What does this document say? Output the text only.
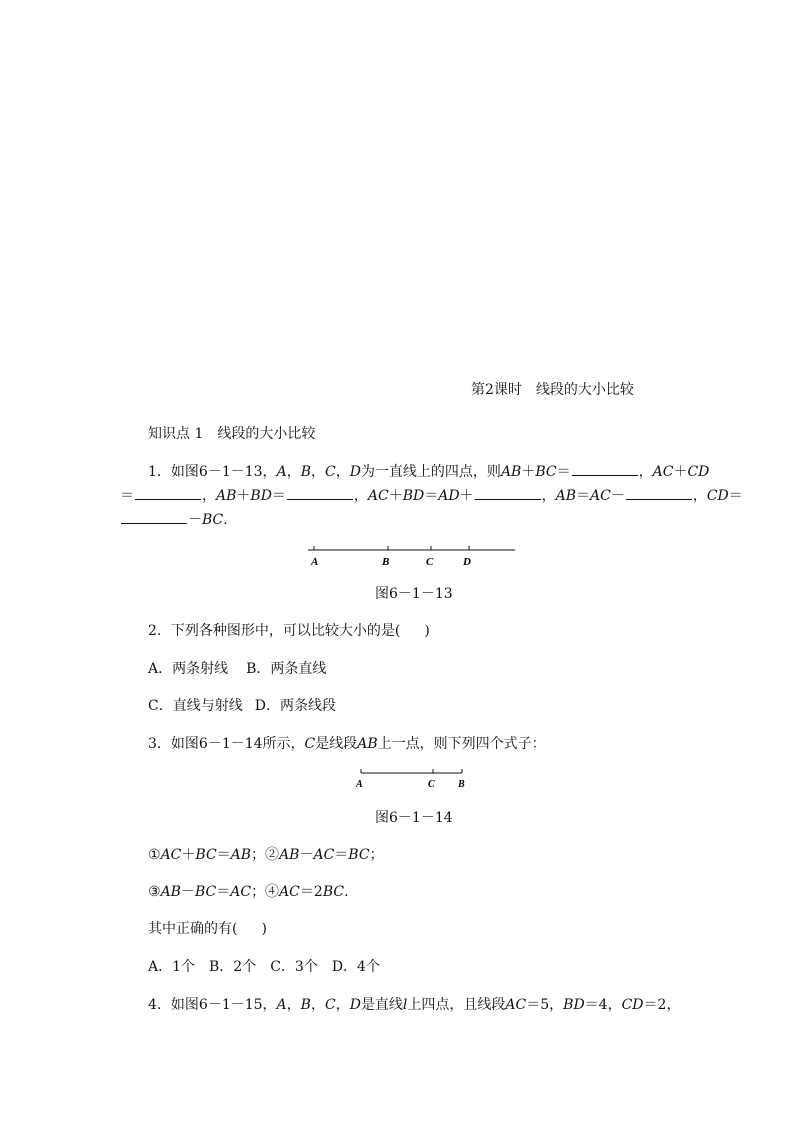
第2课时　线段的大小比较
知识点 1　线段的大小比较
1．如图6－1－13，A，B，C，D为一直线上的四点，则AB＋BC＝	，AC＋CD
＝	，AB＋BD＝	，AC＋BD＝AD＋	，AB＝AC－	，CD＝
－BC.
A	B	C	D
图6－1－13
2．下列各种图形中，可以比较大小的是( )
A．两条射线 B．两条直线
C．直线与射线 D．两条线段
3．如图6－1－14所示，C是线段AB上一点，则下列四个式子：
A	C B
图6－1－14
①AC＋BC＝AB；②AB－AC＝BC；
③AB－BC＝AC；④AC＝2BC.
其中正确的有( )
A．1个　B．2个　C．3个　D．4个
4．如图6－1－15，A，B，C，D是直线l上四点，且线段AC＝5，BD＝4，CD＝2，
